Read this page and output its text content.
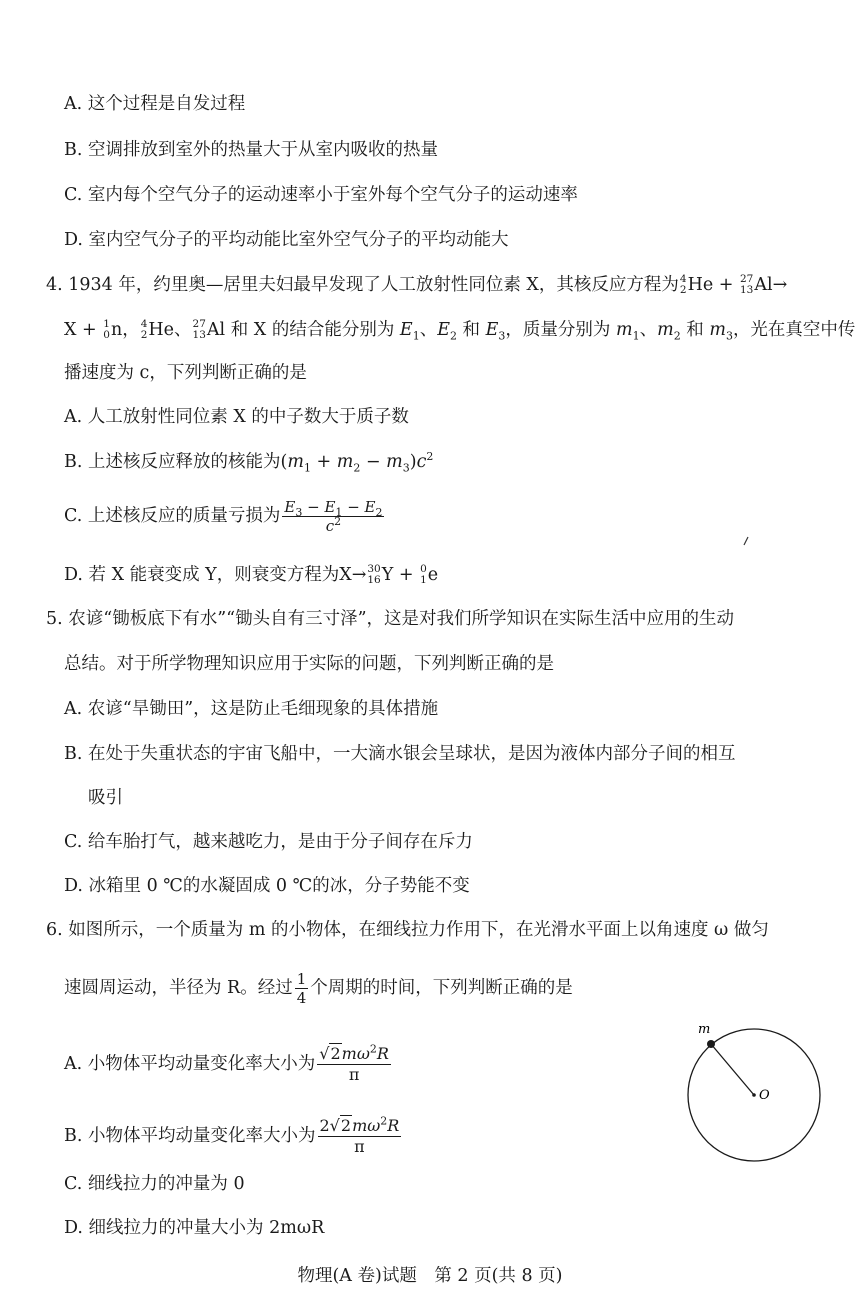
A. 这个过程是自发过程
B. 空调排放到室外的热量大于从室内吸收的热量
C. 室内每个空气分子的运动速率小于室外每个空气分子的运动速率
D. 室内空气分子的平均动能比室外空气分子的平均动能大
4. 1934 年，约里奥—居里夫妇最早发现了人工放射性同位素 X，其核反应方程为 4
2 He + 27
13 Al→
X + 1
0 n， 4
2 He、 27
13 Al 和 X 的结合能分别为 $E_1$、$E_2$ 和 $E_3$，质量分别为 $m_1$、$m_2$ 和 $m_3$，光在真空中传
播速度为 c，下列判断正确的是
A. 人工放射性同位素 X 的中子数大于质子数
B. 上述核反应释放的核能为$(m_1 + m_2 - m_3)c^2$
C. 上述核反应的质量亏损为 $\frac{E_3 - E_1 - E_2}{c^2}$
D. 若 X 能衰变成 Y，则衰变方程为X→ 30
16 Y + 0
1 e
5. 农谚“锄板底下有水”“锄头自有三寸泽”，这是对我们所学知识在实际生活中应用的生动
总结。对于所学物理知识应用于实际的问题，下列判断正确的是
A. 农谚“旱锄田”，这是防止毛细现象的具体措施
B. 在处于失重状态的宇宙飞船中，一大滴水银会呈球状，是因为液体内部分子间的相互
吸引
C. 给车胎打气，越来越吃力，是由于分子间存在斥力
D. 冰箱里 0 ℃的水凝固成 0 ℃的冰，分子势能不变
6. 如图所示，一个质量为 m 的小物体，在细线拉力作用下，在光滑水平面上以角速度 ω 做匀
速圆周运动，半径为 R。经过 $\frac{1}{4}$ 个周期的时间，下列判断正确的是
A. 小物体平均动量变化率大小为 $\frac{√2m\omega^2R}{\pi}$
B. 小物体平均动量变化率大小为 $\frac{2√2m\omega^2R}{\pi}$
C. 细线拉力的冲量为 0
D. 细线拉力的冲量大小为 2mωR
m
O
物理(A 卷)试题　第 2 页(共 8 页)
